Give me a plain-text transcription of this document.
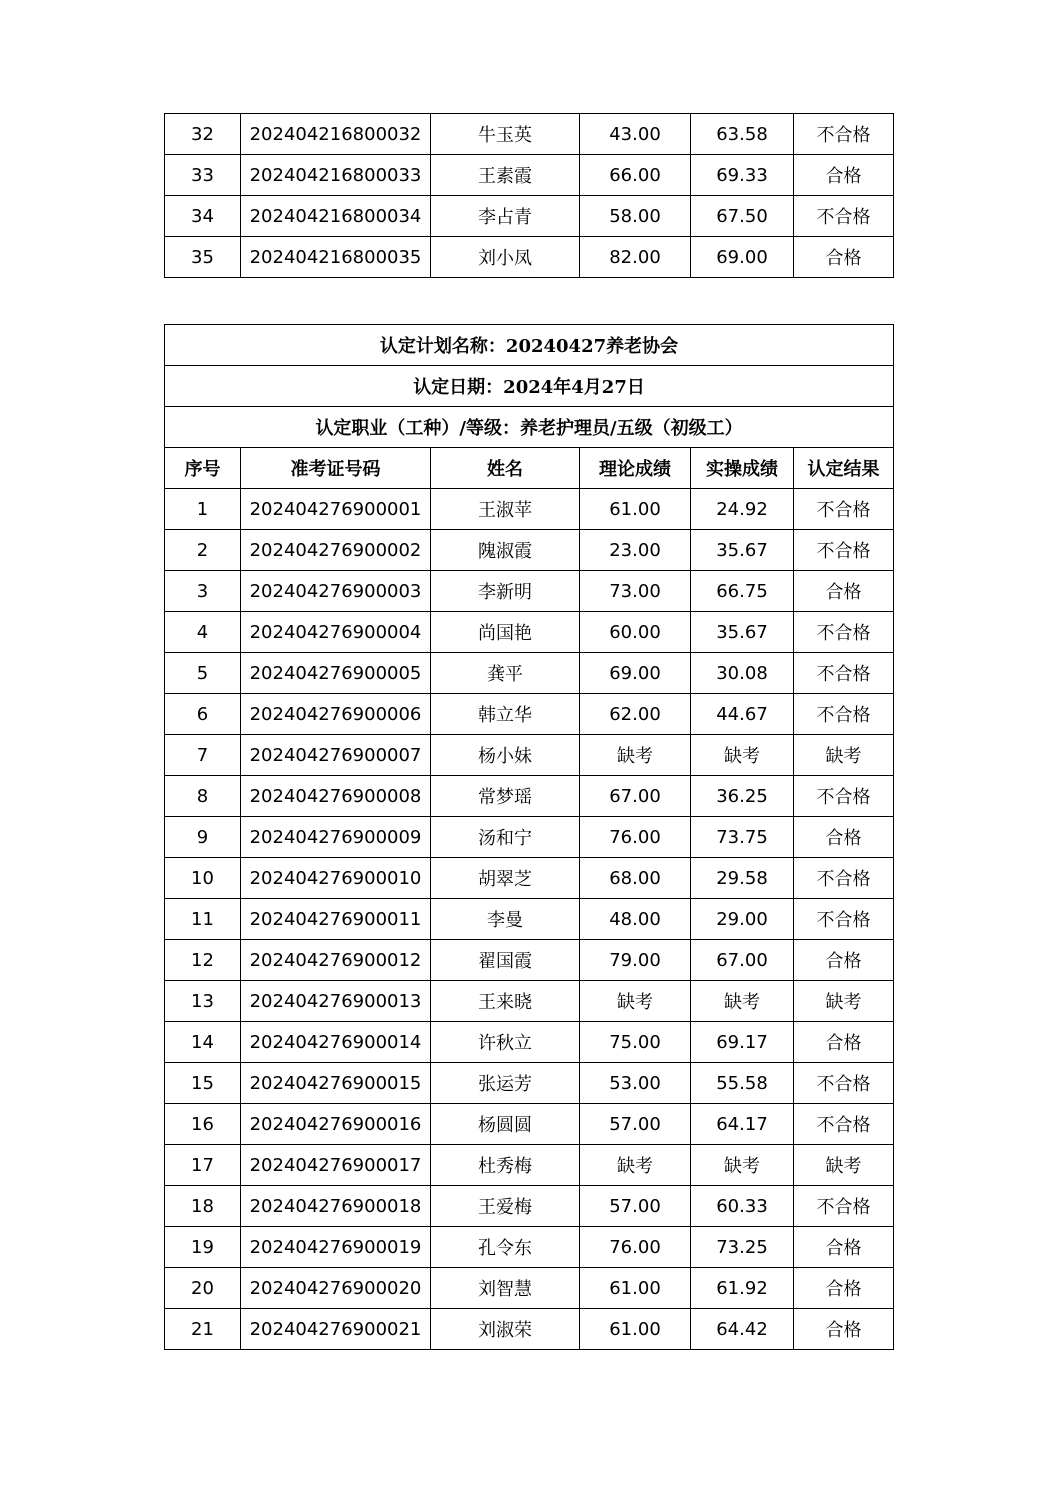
32	202404216800032	牛玉英	43.00	63.58	不合格
33	202404216800033	王素霞	66.00	69.33	合格
34	202404216800034	李占青	58.00	67.50	不合格
35	202404216800035	刘小凤	82.00	69.00	合格
认定计划名称：20240427养老协会					
认定日期：2024年4月27日					
认定职业（工种）/等级：养老护理员/五级（初级工）					
序号	准考证号码	姓名	理论成绩	实操成绩	认定结果
1	202404276900001	王淑苹	61.00	24.92	不合格
2	202404276900002	隗淑霞	23.00	35.67	不合格
3	202404276900003	李新明	73.00	66.75	合格
4	202404276900004	尚国艳	60.00	35.67	不合格
5	202404276900005	龚平	69.00	30.08	不合格
6	202404276900006	韩立华	62.00	44.67	不合格
7	202404276900007	杨小妹	缺考	缺考	缺考
8	202404276900008	常梦瑶	67.00	36.25	不合格
9	202404276900009	汤和宁	76.00	73.75	合格
10	202404276900010	胡翠芝	68.00	29.58	不合格
11	202404276900011	李曼	48.00	29.00	不合格
12	202404276900012	翟国霞	79.00	67.00	合格
13	202404276900013	王来晓	缺考	缺考	缺考
14	202404276900014	许秋立	75.00	69.17	合格
15	202404276900015	张运芳	53.00	55.58	不合格
16	202404276900016	杨圆圆	57.00	64.17	不合格
17	202404276900017	杜秀梅	缺考	缺考	缺考
18	202404276900018	王爱梅	57.00	60.33	不合格
19	202404276900019	孔令东	76.00	73.25	合格
20	202404276900020	刘智慧	61.00	61.92	合格
21	202404276900021	刘淑荣	61.00	64.42	合格
